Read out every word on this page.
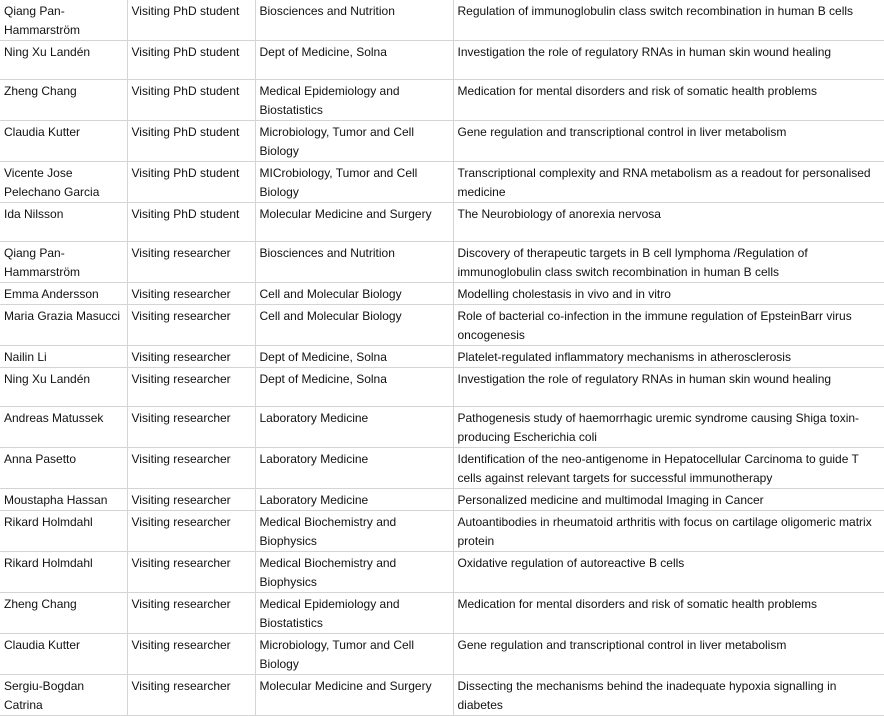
Qiang Pan-Hammarström	Visiting PhD student	Biosciences and Nutrition	Regulation of immunoglobulin class switch recombination in human B cells
Ning Xu Landén	Visiting PhD student	Dept of Medicine, Solna	Investigation the role of regulatory RNAs in human skin wound healing
Zheng Chang	Visiting PhD student	Medical Epidemiology and Biostatistics	Medication for mental disorders and risk of somatic health problems
Claudia Kutter	Visiting PhD student	Microbiology, Tumor and Cell Biology	Gene regulation and transcriptional control in liver metabolism
Vicente Jose Pelechano Garcia	Visiting PhD student	MICrobiology, Tumor and Cell Biology	Transcriptional complexity and RNA metabolism as a readout for personalised medicine
Ida Nilsson	Visiting PhD student	Molecular Medicine and Surgery	The Neurobiology of anorexia nervosa
Qiang Pan-Hammarström	Visiting researcher	Biosciences and Nutrition	Discovery of therapeutic targets in B cell lymphoma /Regulation of immunoglobulin class switch recombination in human B cells
Emma Andersson	Visiting researcher	Cell and Molecular Biology	Modelling cholestasis in vivo and in vitro
Maria Grazia Masucci	Visiting researcher	Cell and Molecular Biology	Role of bacterial co-infection in the immune regulation of EpsteinBarr virus oncogenesis
Nailin Li	Visiting researcher	Dept of Medicine, Solna	Platelet-regulated inflammatory mechanisms in atherosclerosis
Ning Xu Landén	Visiting researcher	Dept of Medicine, Solna	Investigation the role of regulatory RNAs in human skin wound healing
Andreas Matussek	Visiting researcher	Laboratory Medicine	Pathogenesis study of haemorrhagic uremic syndrome causing Shiga toxin-producing Escherichia coli
Anna Pasetto	Visiting researcher	Laboratory Medicine	Identification of the neo-antigenome in Hepatocellular Carcinoma to guide T cells against relevant targets for successful immunotherapy
Moustapha Hassan	Visiting researcher	Laboratory Medicine	Personalized medicine and multimodal Imaging in Cancer
Rikard Holmdahl	Visiting researcher	Medical Biochemistry and Biophysics	Autoantibodies in rheumatoid arthritis with focus on cartilage oligomeric matrix protein
Rikard Holmdahl	Visiting researcher	Medical Biochemistry and Biophysics	Oxidative regulation of autoreactive B cells
Zheng Chang	Visiting researcher	Medical Epidemiology and Biostatistics	Medication for mental disorders and risk of somatic health problems
Claudia Kutter	Visiting researcher	Microbiology, Tumor and Cell Biology	Gene regulation and transcriptional control in liver metabolism
Sergiu-Bogdan Catrina	Visiting researcher	Molecular Medicine and Surgery	Dissecting the mechanisms behind the inadequate hypoxia signalling in diabetes
